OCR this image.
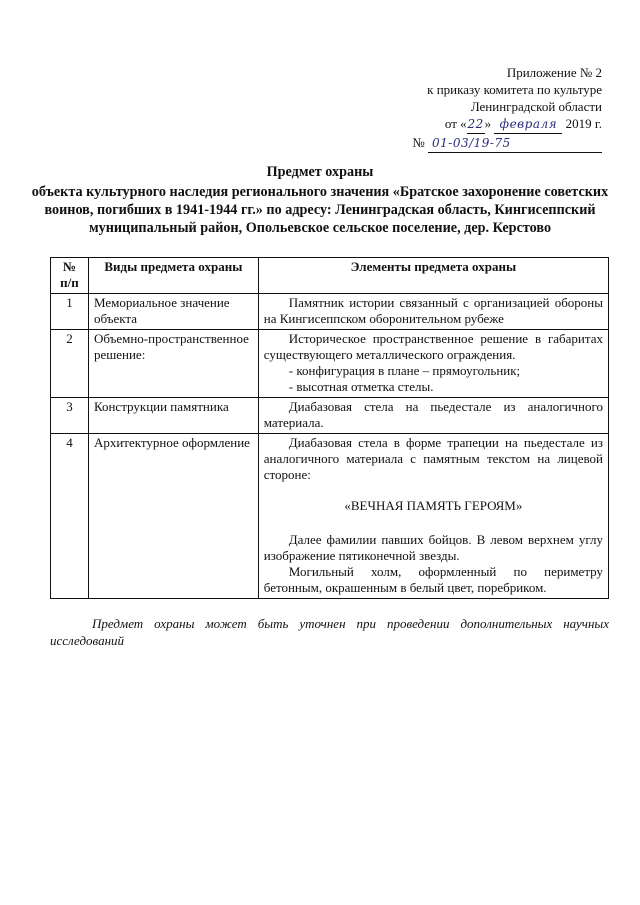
Приложение № 2
к приказу комитета по культуре
Ленинградской области
от «22» февраля 2019 г.
№ 01-03/19-75
Предмет охраны
объекта культурного наследия регионального значения «Братское захоронение советских воинов, погибших в 1941-1944 гг.» по адресу: Ленинградская область, Кингисеппский муниципальный район, Опольевское сельское поселение, дер. Керстово
№ п/п	Виды предмета охраны	Элементы предмета охраны
1	Мемориальное значение объекта	Памятник истории связанный с организацией обороны на Кингисеппском оборонительном рубеже

2	Объемно-пространственное решение:	Историческое пространственное решение в габаритах существующего металлического ограждения.

- конфигурация в плане – прямоугольник;

- высотная отметка стелы.

3	Конструкции памятника	Диабазовая стела на пьедестале из аналогичного материала.

4	Архитектурное оформление	Диабазовая стела в форме трапеции на пьедестале из аналогичного материала с памятным текстом на лицевой стороне:

«ВЕЧНАЯ ПАМЯТЬ ГЕРОЯМ»

Далее фамилии павших бойцов. В левом верхнем углу изображение пятиконечной звезды.

Могильный холм, оформленный по периметру бетонным, окрашенным в белый цвет, поребриком.

Предмет охраны может быть уточнен при проведении дополнительных научных исследований
